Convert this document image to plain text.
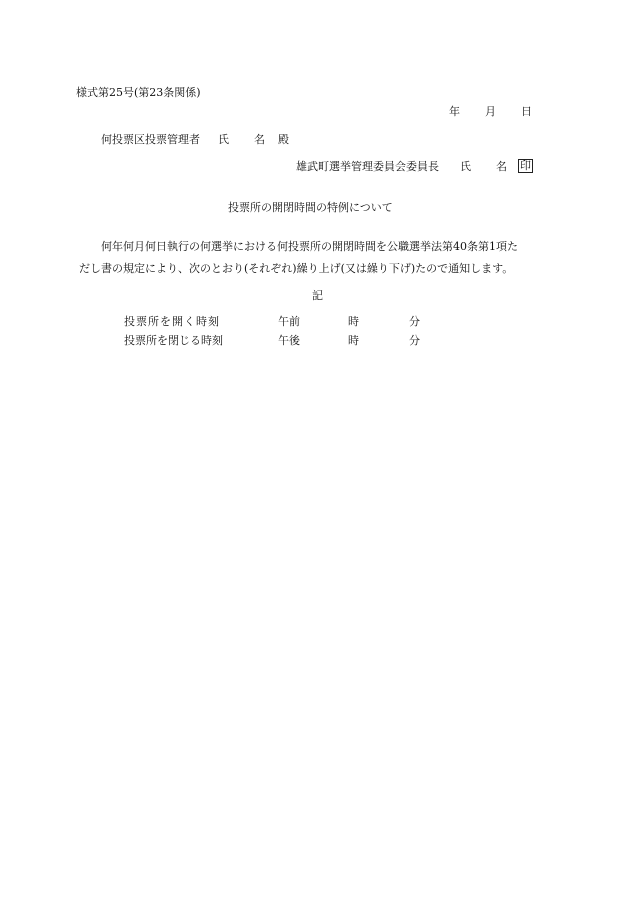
様式第25号(第23条関係)
年 月 日
何投票区投票管理者 氏 名 殿
雄武町選挙管理委員会委員長 氏 名 印
投票所の開閉時間の特例について
何年何月何日執行の何選挙における何投票所の開閉時間を公職選挙法第40条第1項た
だし書の規定により、次のとおり(それぞれ)繰り上げ(又は繰り下げ)たので通知します。
記
投票所を開く時刻	午前	時	分
投票所を閉じる時刻	午後	時	分
